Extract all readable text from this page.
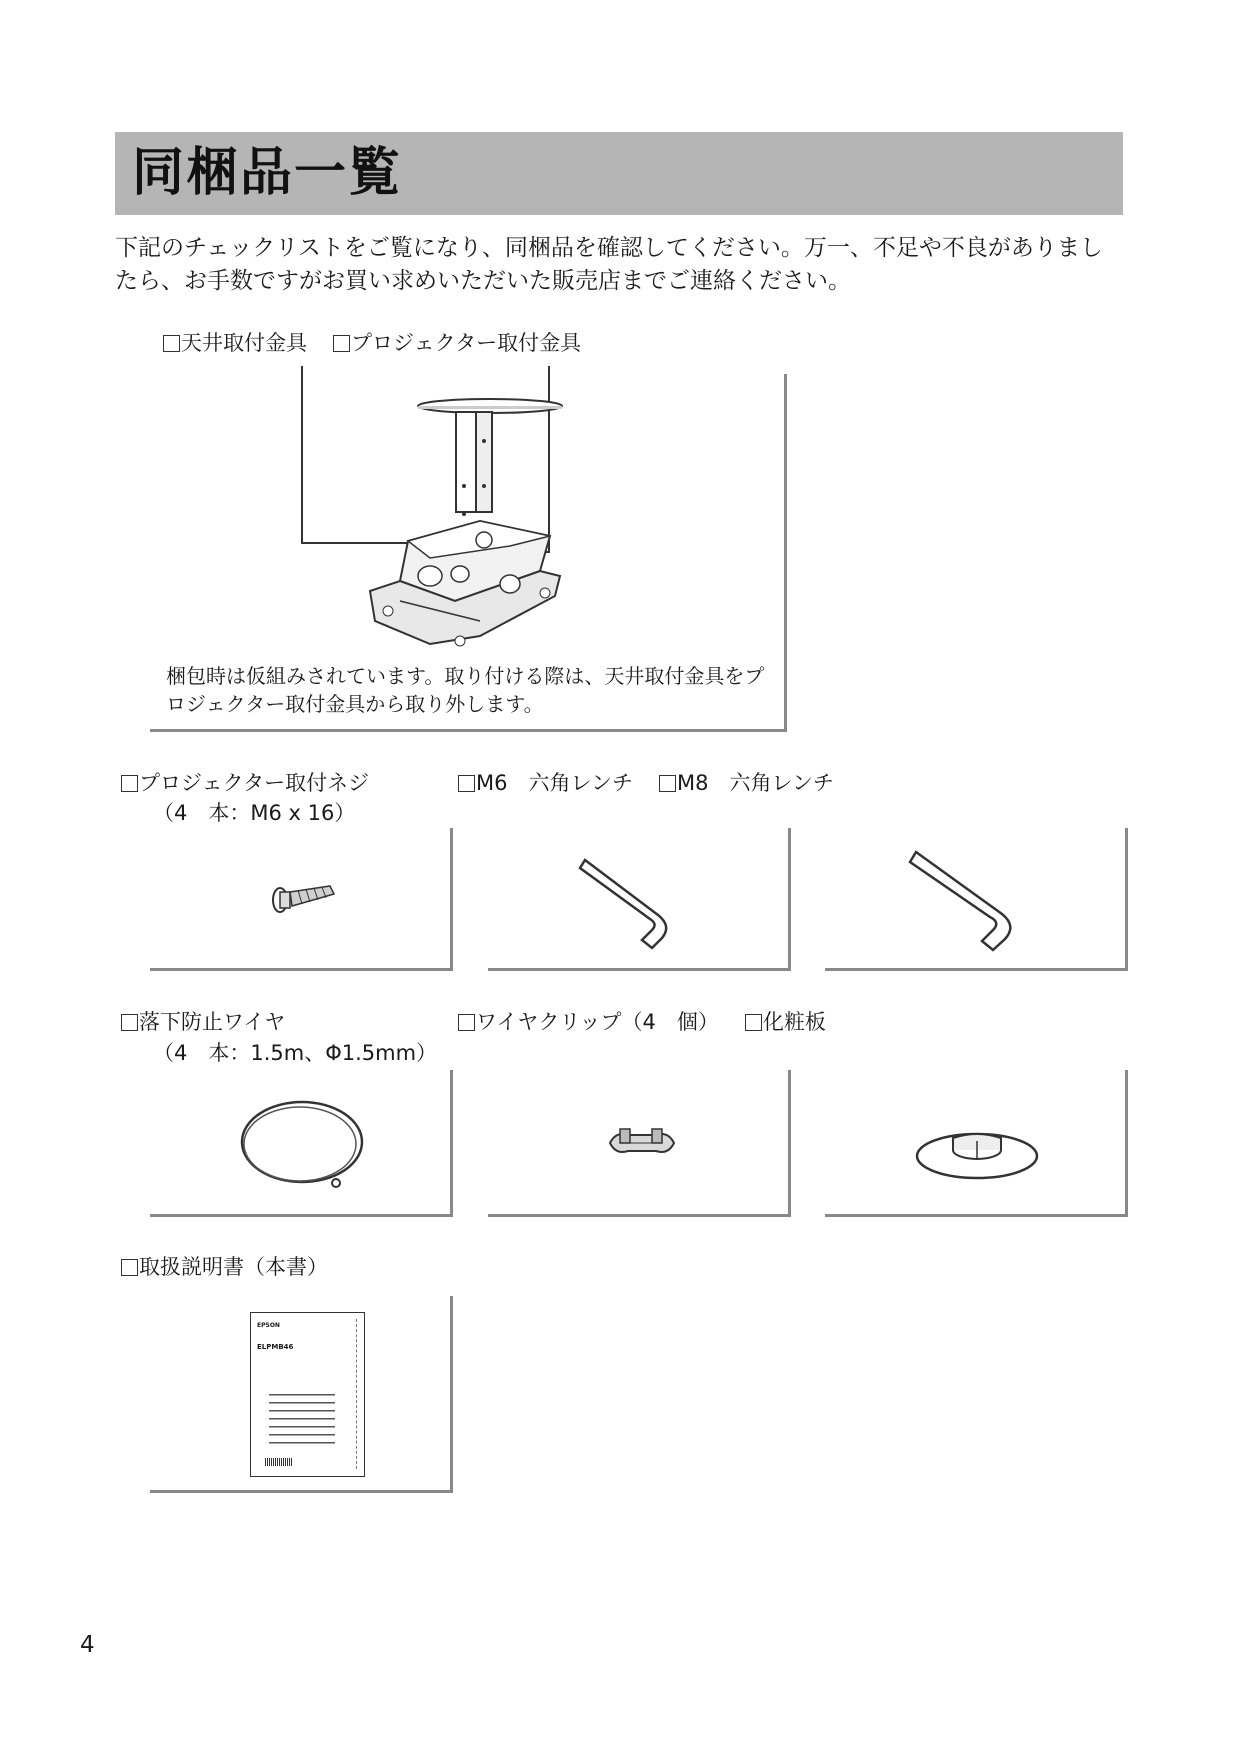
同梱品一覧
下記のチェックリストをご覧になり、同梱品を確認してください。万一、不足や不良がありましたら、お手数ですがお買い求めいただいた販売店までご連絡ください。
天井取付金具 プロジェクター取付金具
梱包時は仮組みされています。取り付ける際は、天井取付金具をプロジェクター取付金具から取り外します。
プロジェクター取付ネジ
（4　本：M6 x 16）
M6　六角レンチ M8　六角レンチ
落下防止ワイヤ
（4　本：1.5m、Φ1.5mm）
ワイヤクリップ（4　個） 化粧板
取扱説明書（本書）
EPSON
ELPMB46
4
